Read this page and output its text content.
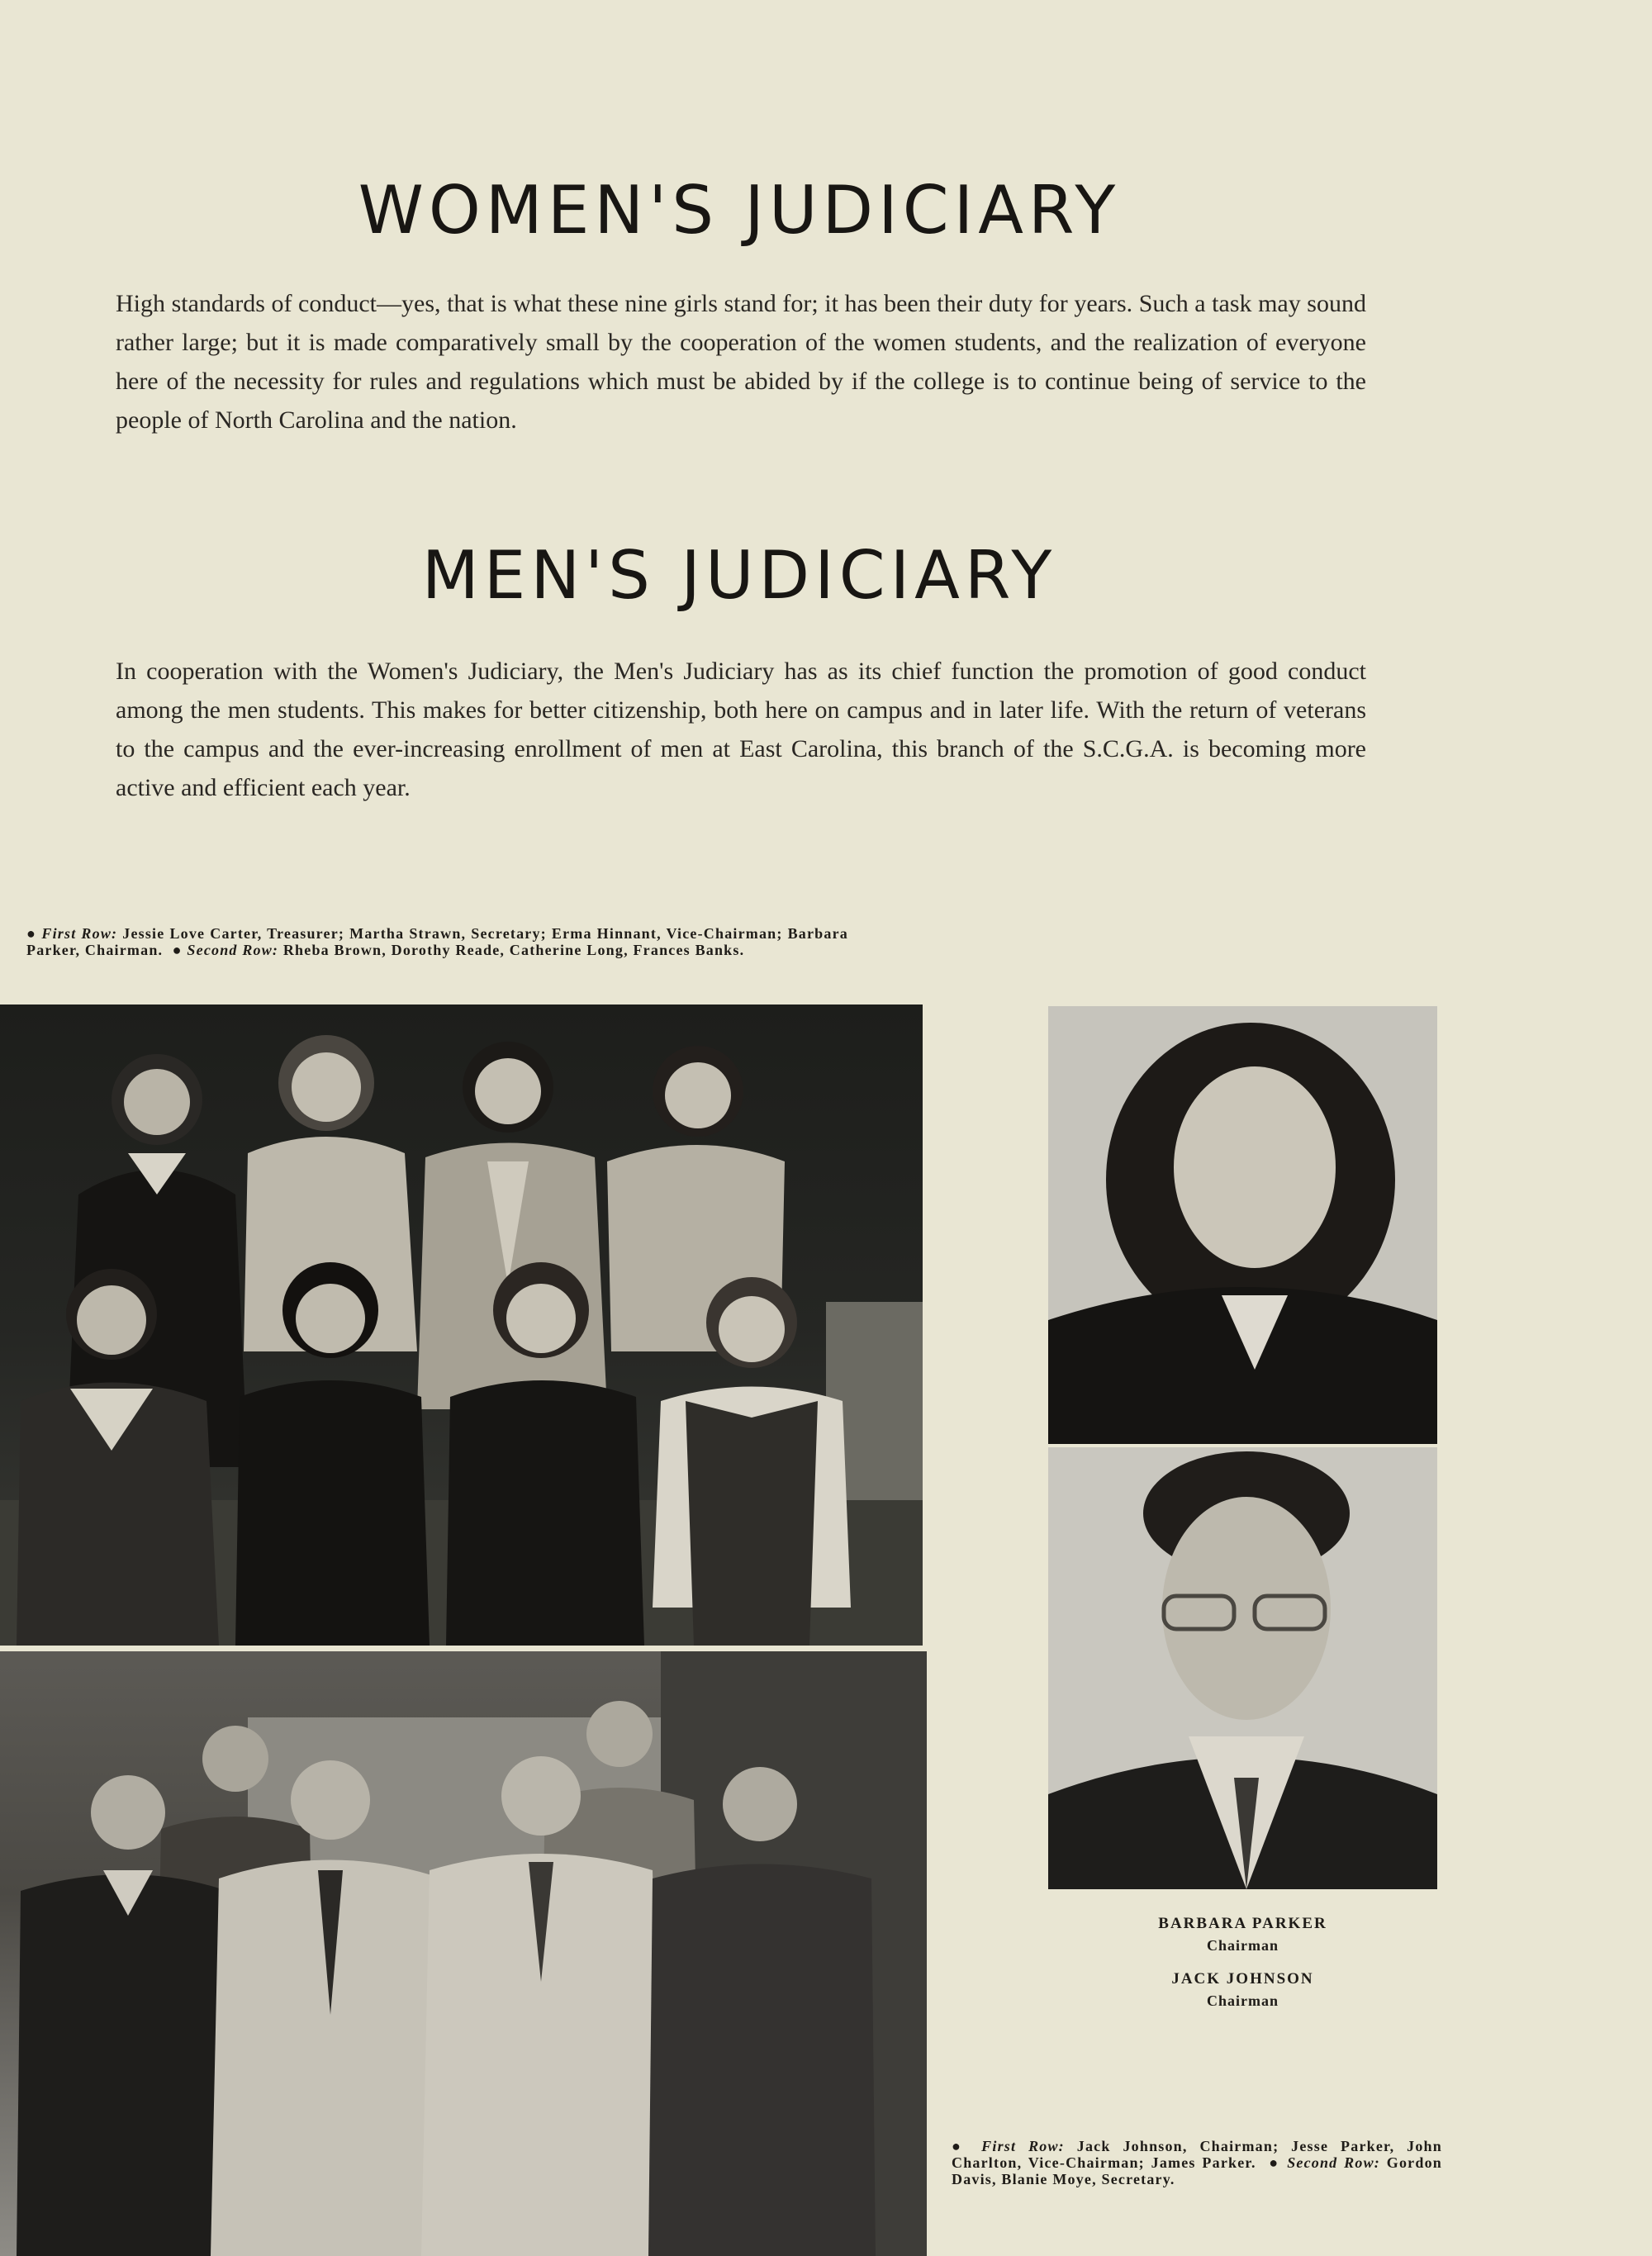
WOMEN'S JUDICIARY

High standards of conduct—yes, that is what these nine girls stand for; it has been their duty for years. Such a task may sound rather large; but it is made comparatively small by the cooperation of the women students, and the realization of everyone here of the necessity for rules and regulations which must be abided by if the college is to continue being of service to the people of North Carolina and the nation.

MEN'S JUDICIARY

In cooperation with the Women's Judiciary, the Men's Judiciary has as its chief function the promotion of good conduct among the men students. This makes for better citizenship, both here on campus and in later life. With the return of veterans to the campus and the ever-increasing enrollment of men at East Carolina, this branch of the S.C.G.A. is becoming more active and efficient each year.

● First Row: Jessie Love Carter, Treasurer; Martha Strawn, Secretary; Erma Hinnant, Vice-Chairman; Barbara Parker, Chairman.  ● Second Row: Rheba Brown, Dorothy Reade, Catherine Long, Frances Banks.

BARBARA PARKER

Chairman

JACK JOHNSON

Chairman

● First Row: Jack Johnson, Chairman; Jesse Parker, John Charlton, Vice-Chairman; James Parker.  ● Second Row: Gordon Davis, Blanie Moye, Secretary.
